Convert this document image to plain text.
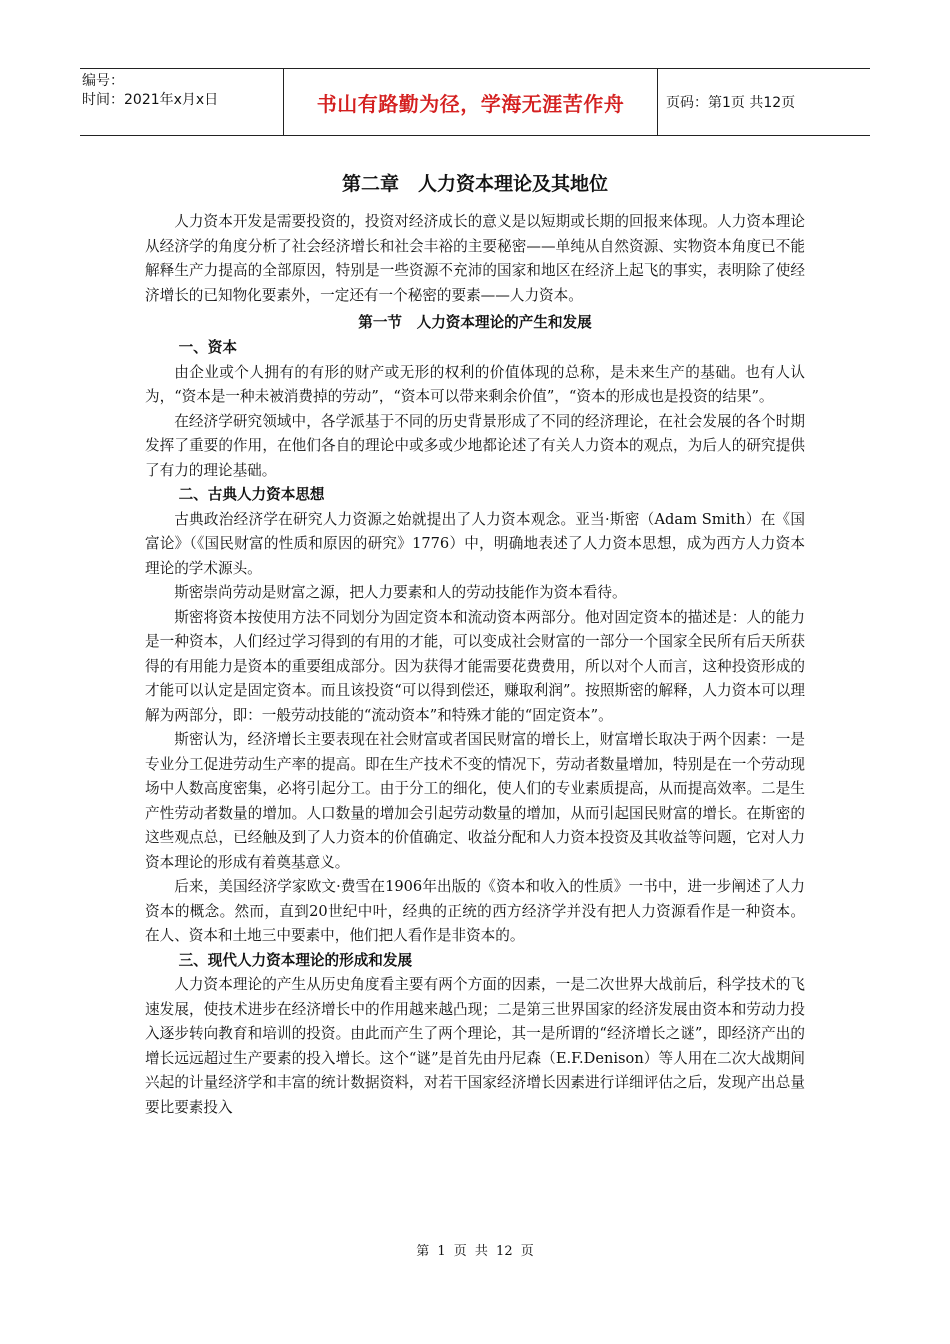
编号：
时间：2021年x月x日	书山有路勤为径，学海无涯苦作舟	页码：第1页 共12页
第二章　人力资本理论及其地位

人力资本开发是需要投资的，投资对经济成长的意义是以短期或长期的回报来体现。人力资本理论从经济学的角度分析了社会经济增长和社会丰裕的主要秘密——单纯从自然资源、实物资本角度已不能解释生产力提高的全部原因，特别是一些资源不充沛的国家和地区在经济上起飞的事实，表明除了使经济增长的已知物化要素外，一定还有一个秘密的要素——人力资本。

第一节　人力资本理论的产生和发展
一、资本

由企业或个人拥有的有形的财产或无形的权利的价值体现的总称，是未来生产的基础。也有人认为，“资本是一种未被消费掉的劳动”，“资本可以带来剩余价值”，“资本的形成也是投资的结果”。

在经济学研究领域中，各学派基于不同的历史背景形成了不同的经济理论，在社会发展的各个时期发挥了重要的作用，在他们各自的理论中或多或少地都论述了有关人力资本的观点，为后人的研究提供了有力的理论基础。

二、古典人力资本思想

古典政治经济学在研究人力资源之始就提出了人力资本观念。亚当·斯密（Adam Smith）在《国富论》（《国民财富的性质和原因的研究》1776）中，明确地表述了人力资本思想，成为西方人力资本理论的学术源头。

斯密崇尚劳动是财富之源，把人力要素和人的劳动技能作为资本看待。

斯密将资本按使用方法不同划分为固定资本和流动资本两部分。他对固定资本的描述是：人的能力是一种资本，人们经过学习得到的有用的才能，可以变成社会财富的一部分一个国家全民所有后天所获得的有用能力是资本的重要组成部分。因为获得才能需要花费费用，所以对个人而言，这种投资形成的才能可以认定是固定资本。而且该投资“可以得到偿还，赚取利润”。按照斯密的解释，人力资本可以理解为两部分，即：一般劳动技能的“流动资本”和特殊才能的“固定资本”。

斯密认为，经济增长主要表现在社会财富或者国民财富的增长上，财富增长取决于两个因素：一是专业分工促进劳动生产率的提高。即在生产技术不变的情况下，劳动者数量增加，特别是在一个劳动现场中人数高度密集，必将引起分工。由于分工的细化，使人们的专业素质提高，从而提高效率。二是生产性劳动者数量的增加。人口数量的增加会引起劳动数量的增加，从而引起国民财富的增长。在斯密的这些观点总，已经触及到了人力资本的价值确定、收益分配和人力资本投资及其收益等问题，它对人力资本理论的形成有着奠基意义。

后来，美国经济学家欧文·费雪在1906年出版的《资本和收入的性质》一书中，进一步阐述了人力资本的概念。然而，直到20世纪中叶，经典的正统的西方经济学并没有把人力资源看作是一种资本。在人、资本和土地三中要素中，他们把人看作是非资本的。

三、现代人力资本理论的形成和发展

人力资本理论的产生从历史角度看主要有两个方面的因素，一是二次世界大战前后，科学技术的飞速发展，使技术进步在经济增长中的作用越来越凸现；二是第三世界国家的经济发展由资本和劳动力投入逐步转向教育和培训的投资。由此而产生了两个理论，其一是所谓的“经济增长之谜”，即经济产出的增长远远超过生产要素的投入增长。这个“谜”是首先由丹尼森（E.F.Denison）等人用在二次大战期间兴起的计量经济学和丰富的统计数据资料，对若干国家经济增长因素进行详细评估之后，发现产出总量要比要素投入

第 1 页 共 12 页
